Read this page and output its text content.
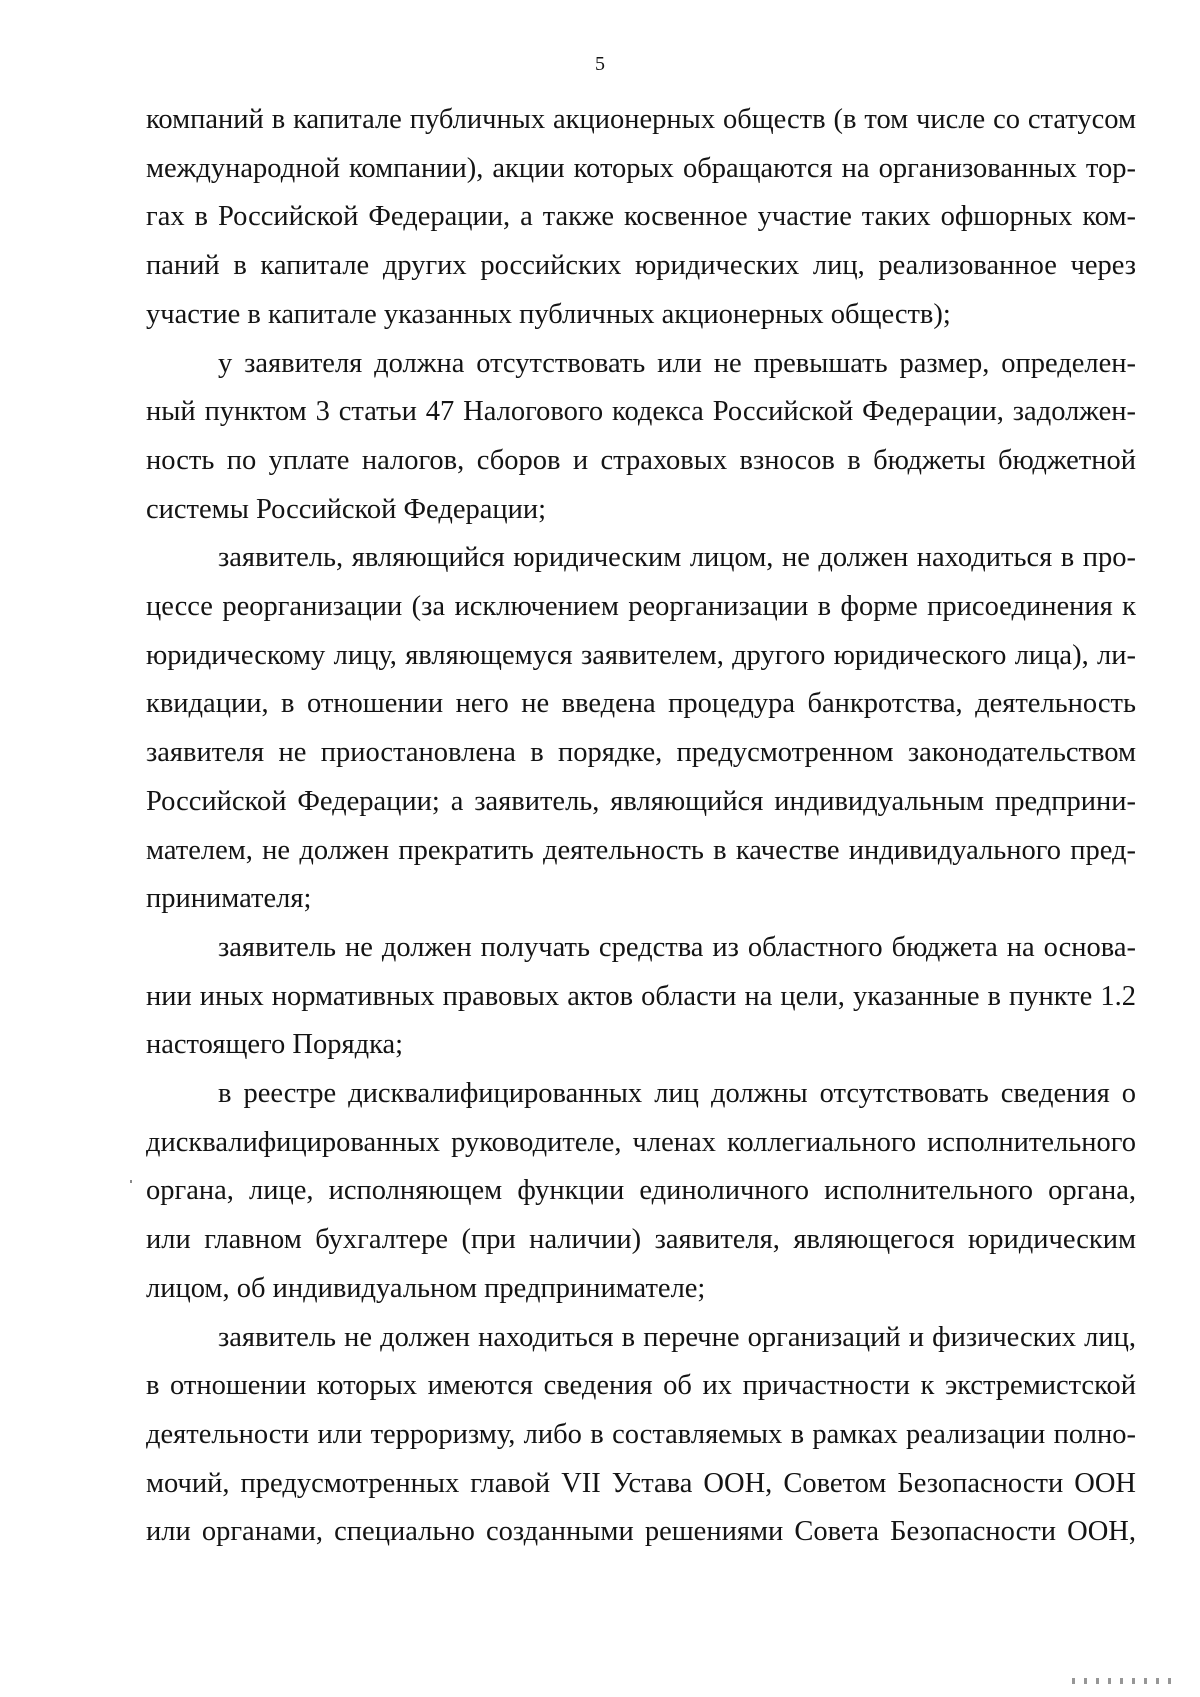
5

компаний в капитале публичных акционерных обществ (в том числе со статусом
международной компании), акции которых обращаются на организованных тор-
гах в Российской Федерации, а также косвенное участие таких офшорных ком-
паний в капитале других российских юридических лиц, реализованное через
участие в капитале указанных публичных акционерных обществ);

у заявителя должна отсутствовать или не превышать размер, определен-
ный пунктом 3 статьи 47 Налогового кодекса Российской Федерации, задолжен-
ность по уплате налогов, сборов и страховых взносов в бюджеты бюджетной
системы Российской Федерации;

заявитель, являющийся юридическим лицом, не должен находиться в про-
цессе реорганизации (за исключением реорганизации в форме присоединения к
юридическому лицу, являющемуся заявителем, другого юридического лица), ли-
квидации, в отношении него не введена процедура банкротства, деятельность
заявителя не приостановлена в порядке, предусмотренном законодательством
Российской Федерации; а заявитель, являющийся индивидуальным предприни-
мателем, не должен прекратить деятельность в качестве индивидуального пред-
принимателя;

заявитель не должен получать средства из областного бюджета на основа-
нии иных нормативных правовых актов области на цели, указанные в пункте 1.2
настоящего Порядка;

в реестре дисквалифицированных лиц должны отсутствовать сведения о
дисквалифицированных руководителе, членах коллегиального исполнительного
органа, лице, исполняющем функции единоличного исполнительного органа,
или главном бухгалтере (при наличии) заявителя, являющегося юридическим
лицом, об индивидуальном предпринимателе;

заявитель не должен находиться в перечне организаций и физических лиц,
в отношении которых имеются сведения об их причастности к экстремистской
деятельности или терроризму, либо в составляемых в рамках реализации полно-
мочий, предусмотренных главой VII Устава ООН, Советом Безопасности ООН
или органами, специально созданными решениями Совета Безопасности ООН,
